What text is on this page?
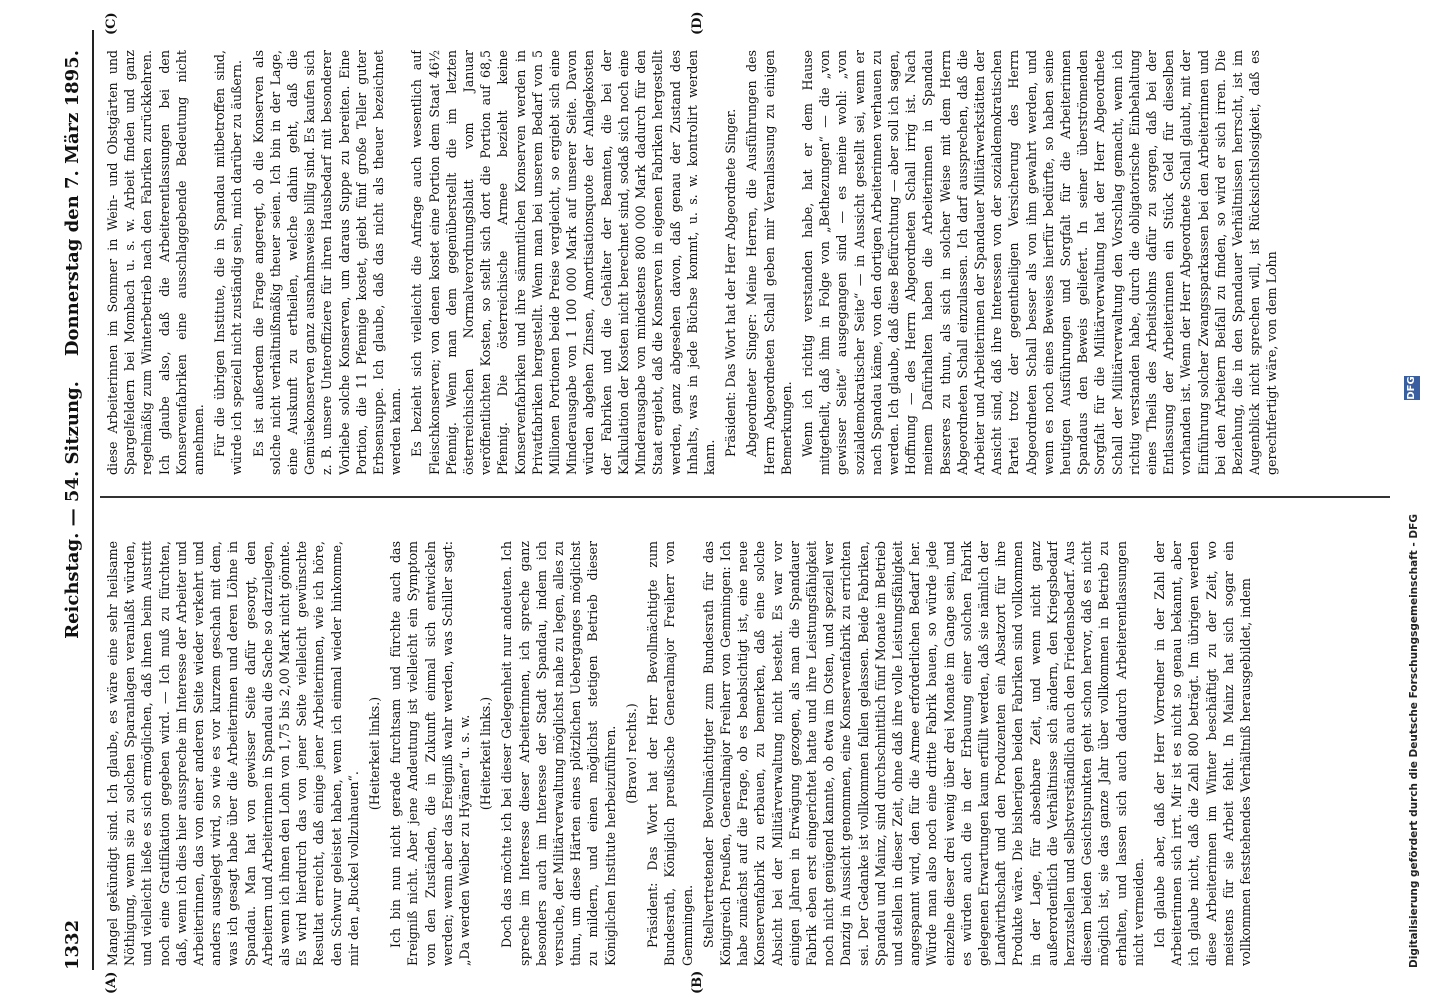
1332
Reichstag. — 54. Sitzung.
Donnerstag den 7. März 1895.
(A)	(B)
(C)	(D)

Mangel gekündigt sind. Ich glaube, es wäre eine sehr heilsame Nöthigung, wenn sie zu solchen Sparanlagen veranlaßt würden, und vielleicht ließe es sich ermöglichen, daß ihnen beim Austritt noch eine Gratifikation gegeben wird. — Ich muß zu fürchten, daß, wenn ich dies hier ausspreche im Interesse der Arbeiter und Arbeiterinnen, das von einer anderen Seite wieder verkehrt und anders ausgelegt wird, so wie es vor kurzem geschah mit dem, was ich gesagt habe über die Arbeiterinnen und deren Löhne in Spandau. Man hat von gewisser Seite dafür gesorgt, den Arbeitern und Arbeiterinnen in Spandau die Sache so darzulegen, als wenn ich ihnen den Lohn von 1,75 bis 2,00 Mark nicht gönnte. Es wird hierdurch das von jener Seite vielleicht gewünschte Resultat erreicht, daß einige jener Arbeiterinnen, wie ich höre, den Schwur geleistet haben, wenn ich einmal wieder hinkomme, mir den „Buckel vollzuhauen“.

(Heiterkeit links.) Ich bin nun nicht gerade furchtsam und fürchte auch das Ereigniß nicht. Aber jene Andeutung ist vielleicht ein Symptom von den Zuständen, die in Zukunft einmal sich entwickeln werden; wenn aber das Ereigniß wahr werden, was Schiller sagt: „Da werden Weiber zu Hyänen“ u. s. w. (Heiterkeit links.) Doch das möchte ich bei dieser Gelegenheit nur andeuten. Ich spreche im Interesse dieser Arbeiterinnen, ich spreche ganz besonders auch im Interesse der Stadt Spandau, indem ich versuche, der Militärverwaltung möglichst nahe zu legen, alles zu thun, um diese Härten eines plötzlichen Ueberganges möglichst zu mildern, und einen möglichst stetigen Betrieb dieser Königlichen Institute herbeizuführen. (Bravo! rechts.) Präsident: Das Wort hat der Herr Bevollmächtigte zum Bundesrath, Königlich preußische Generalmajor Freiherr von Gemmingen. Stellvertretender Bevollmächtigter zum Bundesrath für das Königreich Preußen, Generalmajor Freiherr von Gemmingen: Ich habe zunächst auf die Frage, ob es beabsichtigt ist, eine neue Konservenfabrik zu erbauen, zu bemerken, daß eine solche Absicht bei der Militärverwaltung nicht besteht. Es war vor einigen Jahren in Erwägung gezogen, als man die Spandauer Fabrik eben erst eingerichtet hatte und ihre Leistungsfähigkeit noch nicht genügend kannte, ob etwa im Osten, und speziell wer Danzig in Aussicht genommen, eine Konservenfabrik zu errichten sei. Der Gedanke ist vollkommen fallen gelassen. Beide Fabriken, Spandau und Mainz, sind durchschnittlich fünf Monate im Betrieb und stellen in dieser Zeit, ohne daß ihre volle Leistungsfähigkeit angespannt wird, den für die Armee erforderlichen Bedarf her. Würde man also noch eine dritte Fabrik bauen, so würde jede einzelne dieser drei wenig über drei Monate im Gange sein, und es würden auch die in der Erbauung einer solchen Fabrik gelegenen Erwartungen kaum erfüllt werden, daß sie nämlich der Landwirthschaft und den Produzenten ein Absatzort für ihre Produkte wäre. Die bisherigen beiden Fabriken sind vollkommen in der Lage, für absehbare Zeit, und wenn nicht ganz außerordentlich die Verhältnisse sich ändern, den Kriegsbedarf herzustellen und selbstverständlich auch den Friedensbedarf. Aus diesem beiden Gesichtspunkten geht schon hervor, daß es nicht möglich ist, sie das ganze Jahr über vollkommen in Betrieb zu erhalten, und lassen sich auch dadurch Arbeiterentlassungen nicht vermeiden. Ich glaube aber, daß der Herr Vorredner in der Zahl der Arbeiterinnen sich irrt. Mir ist es nicht so genau bekannt, aber ich glaube nicht, daß die Zahl 800 beträgt. Im übrigen werden diese Arbeiterinnen im Winter beschäftigt zu der Zeit, wo meistens für sie Arbeit fehlt. In Mainz hat sich sogar ein vollkommen feststehendes Verhältniß herausgebildet, indem

diese Arbeiterinnen im Sommer in Wein- und Obstgärten und Spargelfeldern bei Mombach u. s. w. Arbeit finden und ganz regelmäßig zum Winterbetrieb nach den Fabriken zurückkehren. Ich glaube also, daß die Arbeiterentlassungen bei den Konservenfabriken eine ausschlaggebende Bedeutung nicht annehmen. Für die übrigen Institute, die in Spandau mitbetroffen sind, würde ich speziell nicht zuständig sein, mich darüber zu äußern. Es ist außerdem die Frage angeregt, ob die Konserven als solche nicht verhältnißmäßig theuer seien. Ich bin in der Lage, eine Auskunft zu ertheilen, welche dahin geht, daß die Gemüsekonserven ganz ausnahmsweise billig sind. Es kaufen sich z. B. unsere Unteroffiziere für ihren Hausbedarf mit besonderer Vorliebe solche Konserven, um daraus Suppe zu bereiten. Eine Portion, die 11 Pfennige kostet, giebt fünf große Teller guter Erbsensuppe. Ich glaube, daß das nicht als theuer bezeichnet werden kann. Es bezieht sich vielleicht die Anfrage auch wesentlich auf Fleischkonserven; von denen kostet eine Portion dem Staat 46½ Pfennig. Wenn man dem gegenüberstellt die im letzten österreichischen Normalverordnungsblatt vom Januar veröffentlichten Kosten, so stellt sich dort die Portion auf 68,5 Pfennig. Die österreichische Armee bezieht keine Konservenfabriken und ihre sämmtlichen Konserven werden in Privatfabriken hergestellt. Wenn man bei unserem Bedarf von 5 Millionen Portionen beide Preise vergleicht, so ergiebt sich eine Minderausgabe von 1 100 000 Mark auf unserer Seite. Davon würden abgehen Zinsen, Amortisationsquote der Anlagekosten der Fabriken und die Gehälter der Beamten, die bei der Kalkulation der Kosten nicht berechnet sind, sodaß sich noch eine Minderausgabe von mindestens 800 000 Mark dadurch für den Staat ergiebt, daß die Konserven in eigenen Fabriken hergestellt werden, ganz abgesehen davon, daß genau der Zustand des Inhalts, was in jede Büchse kommt, u. s. w. kontrolirt werden kann.

Präsident: Das Wort hat der Herr Abgeordnete Singer. Abgeordneter Singer: Meine Herren, die Ausführungen des Herrn Abgeordneten Schall geben mir Veranlassung zu einigen Bemerkungen. Wenn ich richtig verstanden habe, hat er dem Hause mitgetheilt, daß ihm in Folge von „Bethezungen“ — die „von gewisser Seite“ ausgegangen sind — es meine wohl: „von sozialdemokratischer Seite“ — in Aussicht gestellt sei, wenn er nach Spandau käme, von den dortigen Arbeiterinnen verhauen zu werden. Ich glaube, daß diese Befürchtung — aber soll ich sagen, Hoffnung — des Herrn Abgeordneten Schall irrig ist. Nach meinem Dafürhalten haben die Arbeiterinnen in Spandau Besseres zu thun, als sich in solcher Weise mit dem Herrn Abgeordneten Schall einzulassen. Ich darf aussprechen, daß die Arbeiter und Arbeiterinnen der Spandauer Militärwerkstätten der Ansicht sind, daß ihre Interessen von der sozialdemokratischen Partei trotz der gegentheiligen Versicherung des Herrn Abgeordneten Schall besser als von ihm gewahrt werden, und wenn es noch eines Beweises hierfür bedürfte, so haben seine heutigen Ausführungen und Sorgfalt für die Arbeiterinnen Spandaus den Beweis geliefert. In seiner überströmenden Sorgfalt für die Militärverwaltung hat der Herr Abgeordnete Schall der Militärverwaltung den Vorschlag gemacht, wenn ich richtig verstanden habe, durch die obligatorische Einbehaltung eines Theils des Arbeitslohns dafür zu sorgen, daß bei der Entlassung der Arbeiterinnen ein Stück Geld für dieselben vorhanden ist. Wenn der Herr Abgeordnete Schall glaubt, mit der Einführung solcher Zwangssparkassen bei den Arbeiterinnen und bei den Arbeitern Beifall zu finden, so wird er sich irren. Die Beziehung, die in den Spandauer Verhältnissen herrscht, ist im Augenblick nicht sprechen will, ist Rücksichtslosigkeit, daß es gerechtfertigt wäre, von dem Lohn

Digitalisierung gefördert durch die Deutsche Forschungsgemeinschaft - DFG
DFG
